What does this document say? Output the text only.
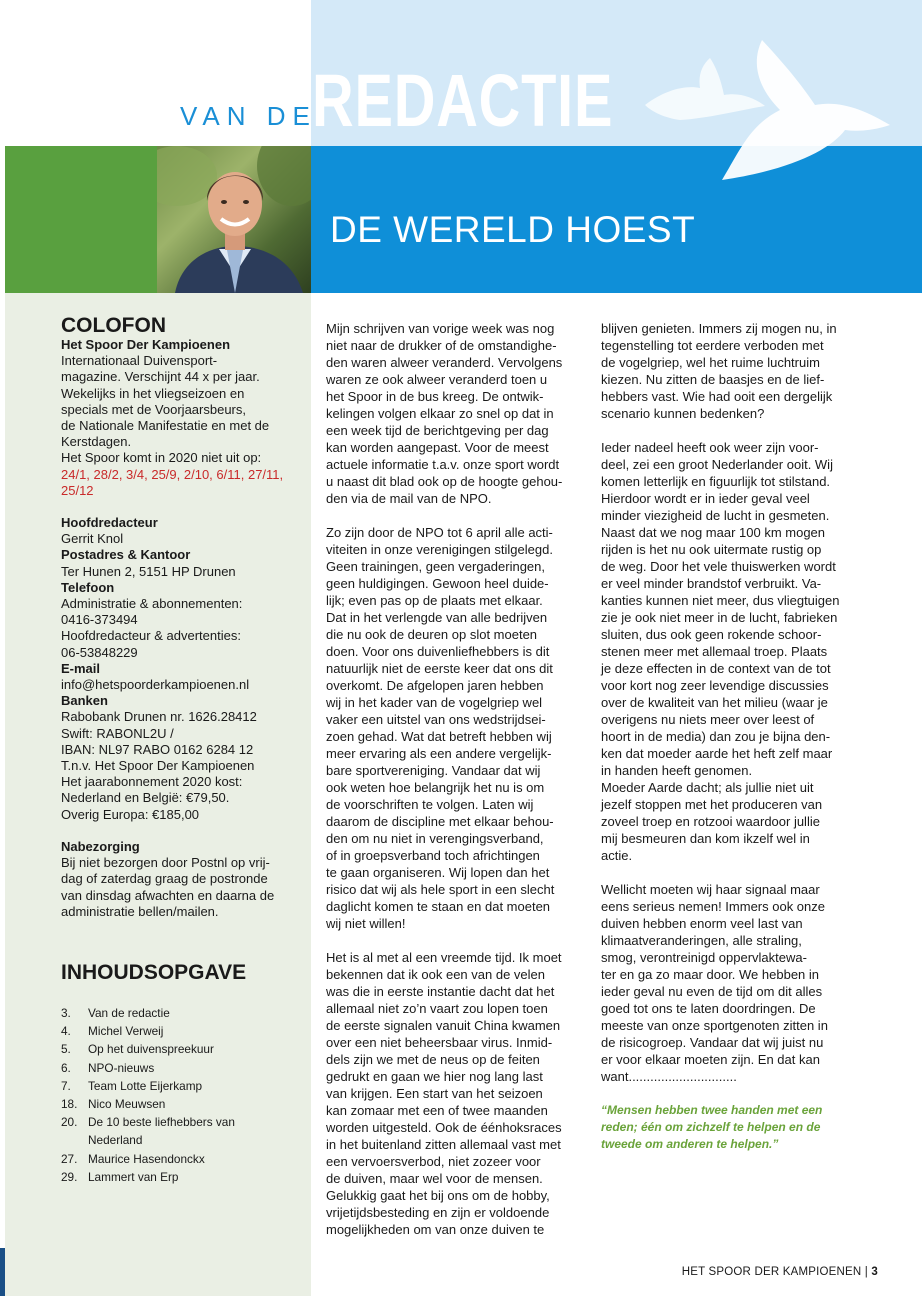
VAN DE
REDACTIE
DE WERELD HOEST
COLOFON
Het Spoor Der Kampioenen
Internationaal Duivensport-
magazine. Verschijnt 44 x per jaar.
Wekelijks in het vliegseizoen en
specials met de Voorjaarsbeurs,
de Nationale Manifestatie en met de
Kerstdagen.
Het Spoor komt in 2020 niet uit op:
24/1, 28/2, 3/4, 25/9, 2/10, 6/11, 27/11,
25/12
Hoofdredacteur
Gerrit Knol
Postadres & Kantoor
Ter Hunen 2, 5151 HP Drunen
Telefoon
Administratie & abonnementen:
0416-373494
Hoofdredacteur & advertenties:
06-53848229
E-mail
info@hetspoorderkampioenen.nl
Banken
Rabobank Drunen nr. 1626.28412
Swift: RABONL2U /
IBAN: NL97 RABO 0162 6284 12
T.n.v. Het Spoor Der Kampioenen
Het jaarabonnement 2020 kost:
Nederland en België: €79,50.
Overig Europa: €185,00
Nabezorging
Bij niet bezorgen door Postnl op vrij-
dag of zaterdag graag de postronde
van dinsdag afwachten en daarna de
administratie bellen/mailen.
INHOUDSOPGAVE
3.	Van de redactie
4.	Michel Verweij
5.	Op het duivenspreekuur
6.	NPO-nieuws
7.	Team Lotte Eijerkamp
18. Nico Meuwsen
20. De 10 beste liefhebbers van
Nederland
27. Maurice Hasendonckx
29. Lammert van Erp
Mijn schrijven van vorige week was nog
niet naar de drukker of de omstandighe-
den waren alweer veranderd. Vervolgens
waren ze ook alweer veranderd toen u
het Spoor in de bus kreeg. De ontwik-
kelingen volgen elkaar zo snel op dat in
een week tijd de berichtgeving per dag
kan worden aangepast. Voor de meest
actuele informatie t.a.v. onze sport wordt
u naast dit blad ook op de hoogte gehou-
den via de mail van de NPO.

Zo zijn door de NPO tot 6 april alle acti-
viteiten in onze verenigingen stilgelegd.
Geen trainingen, geen vergaderingen,
geen huldigingen. Gewoon heel duide-
lijk; even pas op de plaats met elkaar.
Dat in het verlengde van alle bedrijven
die nu ook de deuren op slot moeten
doen. Voor ons duivenliefhebbers is dit
natuurlijk niet de eerste keer dat ons dit
overkomt. De afgelopen jaren hebben
wij in het kader van de vogelgriep wel
vaker een uitstel van ons wedstrijdsei-
zoen gehad. Wat dat betreft hebben wij
meer ervaring als een andere vergelijk-
bare sportvereniging. Vandaar dat wij
ook weten hoe belangrijk het nu is om
de voorschriften te volgen. Laten wij
daarom de discipline met elkaar behou-
den om nu niet in verengingsverband,
of in groepsverband toch africhtingen
te gaan organiseren. Wij lopen dan het
risico dat wij als hele sport in een slecht
daglicht komen te staan en dat moeten
wij niet willen!

Het is al met al een vreemde tijd. Ik moet
bekennen dat ik ook een van de velen
was die in eerste instantie dacht dat het
allemaal niet zo’n vaart zou lopen toen
de eerste signalen vanuit China kwamen
over een niet beheersbaar virus. Inmid-
dels zijn we met de neus op de feiten
gedrukt en gaan we hier nog lang last
van krijgen. Een start van het seizoen
kan zomaar met een of twee maanden
worden uitgesteld. Ook de éénhoksraces
in het buitenland zitten allemaal vast met
een vervoersverbod, niet zozeer voor
de duiven, maar wel voor de mensen.
Gelukkig gaat het bij ons om de hobby,
vrijetijdsbesteding en zijn er voldoende
mogelijkheden om van onze duiven te
blijven genieten. Immers zij mogen nu, in
tegenstelling tot eerdere verboden met
de vogelgriep, wel het ruime luchtruim
kiezen. Nu zitten de baasjes en de lief-
hebbers vast. Wie had ooit een dergelijk
scenario kunnen bedenken?

Ieder nadeel heeft ook weer zijn voor-
deel, zei een groot Nederlander ooit. Wij
komen letterlijk en figuurlijk tot stilstand.
Hierdoor wordt er in ieder geval veel
minder viezigheid de lucht in gesmeten.
Naast dat we nog maar 100 km mogen
rijden is het nu ook uitermate rustig op
de weg. Door het vele thuiswerken wordt
er veel minder brandstof verbruikt. Va-
kanties kunnen niet meer, dus vliegtuigen
zie je ook niet meer in de lucht, fabrieken
sluiten, dus ook geen rokende schoor-
stenen meer met allemaal troep. Plaats
je deze effecten in de context van de tot
voor kort nog zeer levendige discussies
over de kwaliteit van het milieu (waar je
overigens nu niets meer over leest of
hoort in de media) dan zou je bijna den-
ken dat moeder aarde het heft zelf maar
in handen heeft genomen.
Moeder Aarde dacht; als jullie niet uit
jezelf stoppen met het produceren van
zoveel troep en rotzooi waardoor jullie
mij besmeuren dan kom ikzelf wel in
actie.

Wellicht moeten wij haar signaal maar
eens serieus nemen! Immers ook onze
duiven hebben enorm veel last van
klimaatveranderingen, alle straling,
smog, verontreinigd oppervlaktewa-
ter en ga zo maar door. We hebben in
ieder geval nu even de tijd om dit alles
goed tot ons te laten doordringen. De
meeste van onze sportgenoten zitten in
de risicogroep. Vandaar dat wij juist nu
er voor elkaar moeten zijn. En dat kan
want..............................

“Mensen hebben twee handen met een
reden; één om zichzelf te helpen en de
tweede om anderen te helpen.”
HET SPOOR DER KAMPIOENEN | 3
